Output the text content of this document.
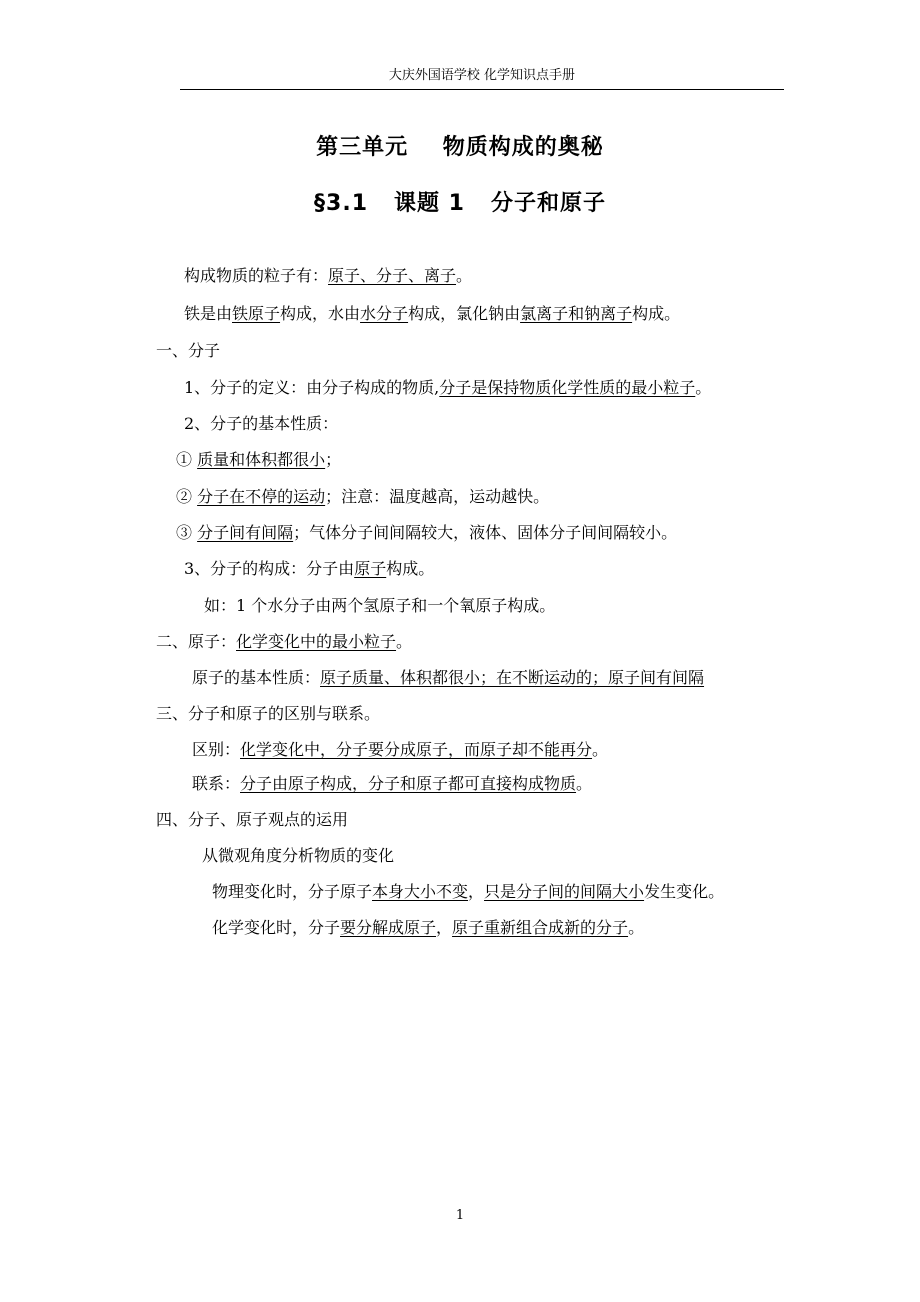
大庆外国语学校 化学知识点手册
第三单元    物质构成的奥秘
§3.1   课题 1   分子和原子
构成物质的粒子有：原子、分子、离子。
铁是由铁原子构成，水由水分子构成，氯化钠由氯离子和钠离子构成。
一、分子
1、分子的定义：由分子构成的物质,分子是保持物质化学性质的最小粒子。
2、分子的基本性质：
① 质量和体积都很小；
② 分子在不停的运动；注意：温度越高，运动越快。
③ 分子间有间隔；气体分子间间隔较大，液体、固体分子间间隔较小。
3、分子的构成：分子由原子构成。
如：1 个水分子由两个氢原子和一个氧原子构成。
二、原子：化学变化中的最小粒子。
原子的基本性质：原子质量、体积都很小；在不断运动的；原子间有间隔
三、分子和原子的区别与联系。
区别：化学变化中，分子要分成原子，而原子却不能再分。
联系：分子由原子构成，分子和原子都可直接构成物质。
四、分子、原子观点的运用
从微观角度分析物质的变化
物理变化时，分子原子本身大小不变，只是分子间的间隔大小发生变化。
化学变化时，分子要分解成原子，原子重新组合成新的分子。
1
